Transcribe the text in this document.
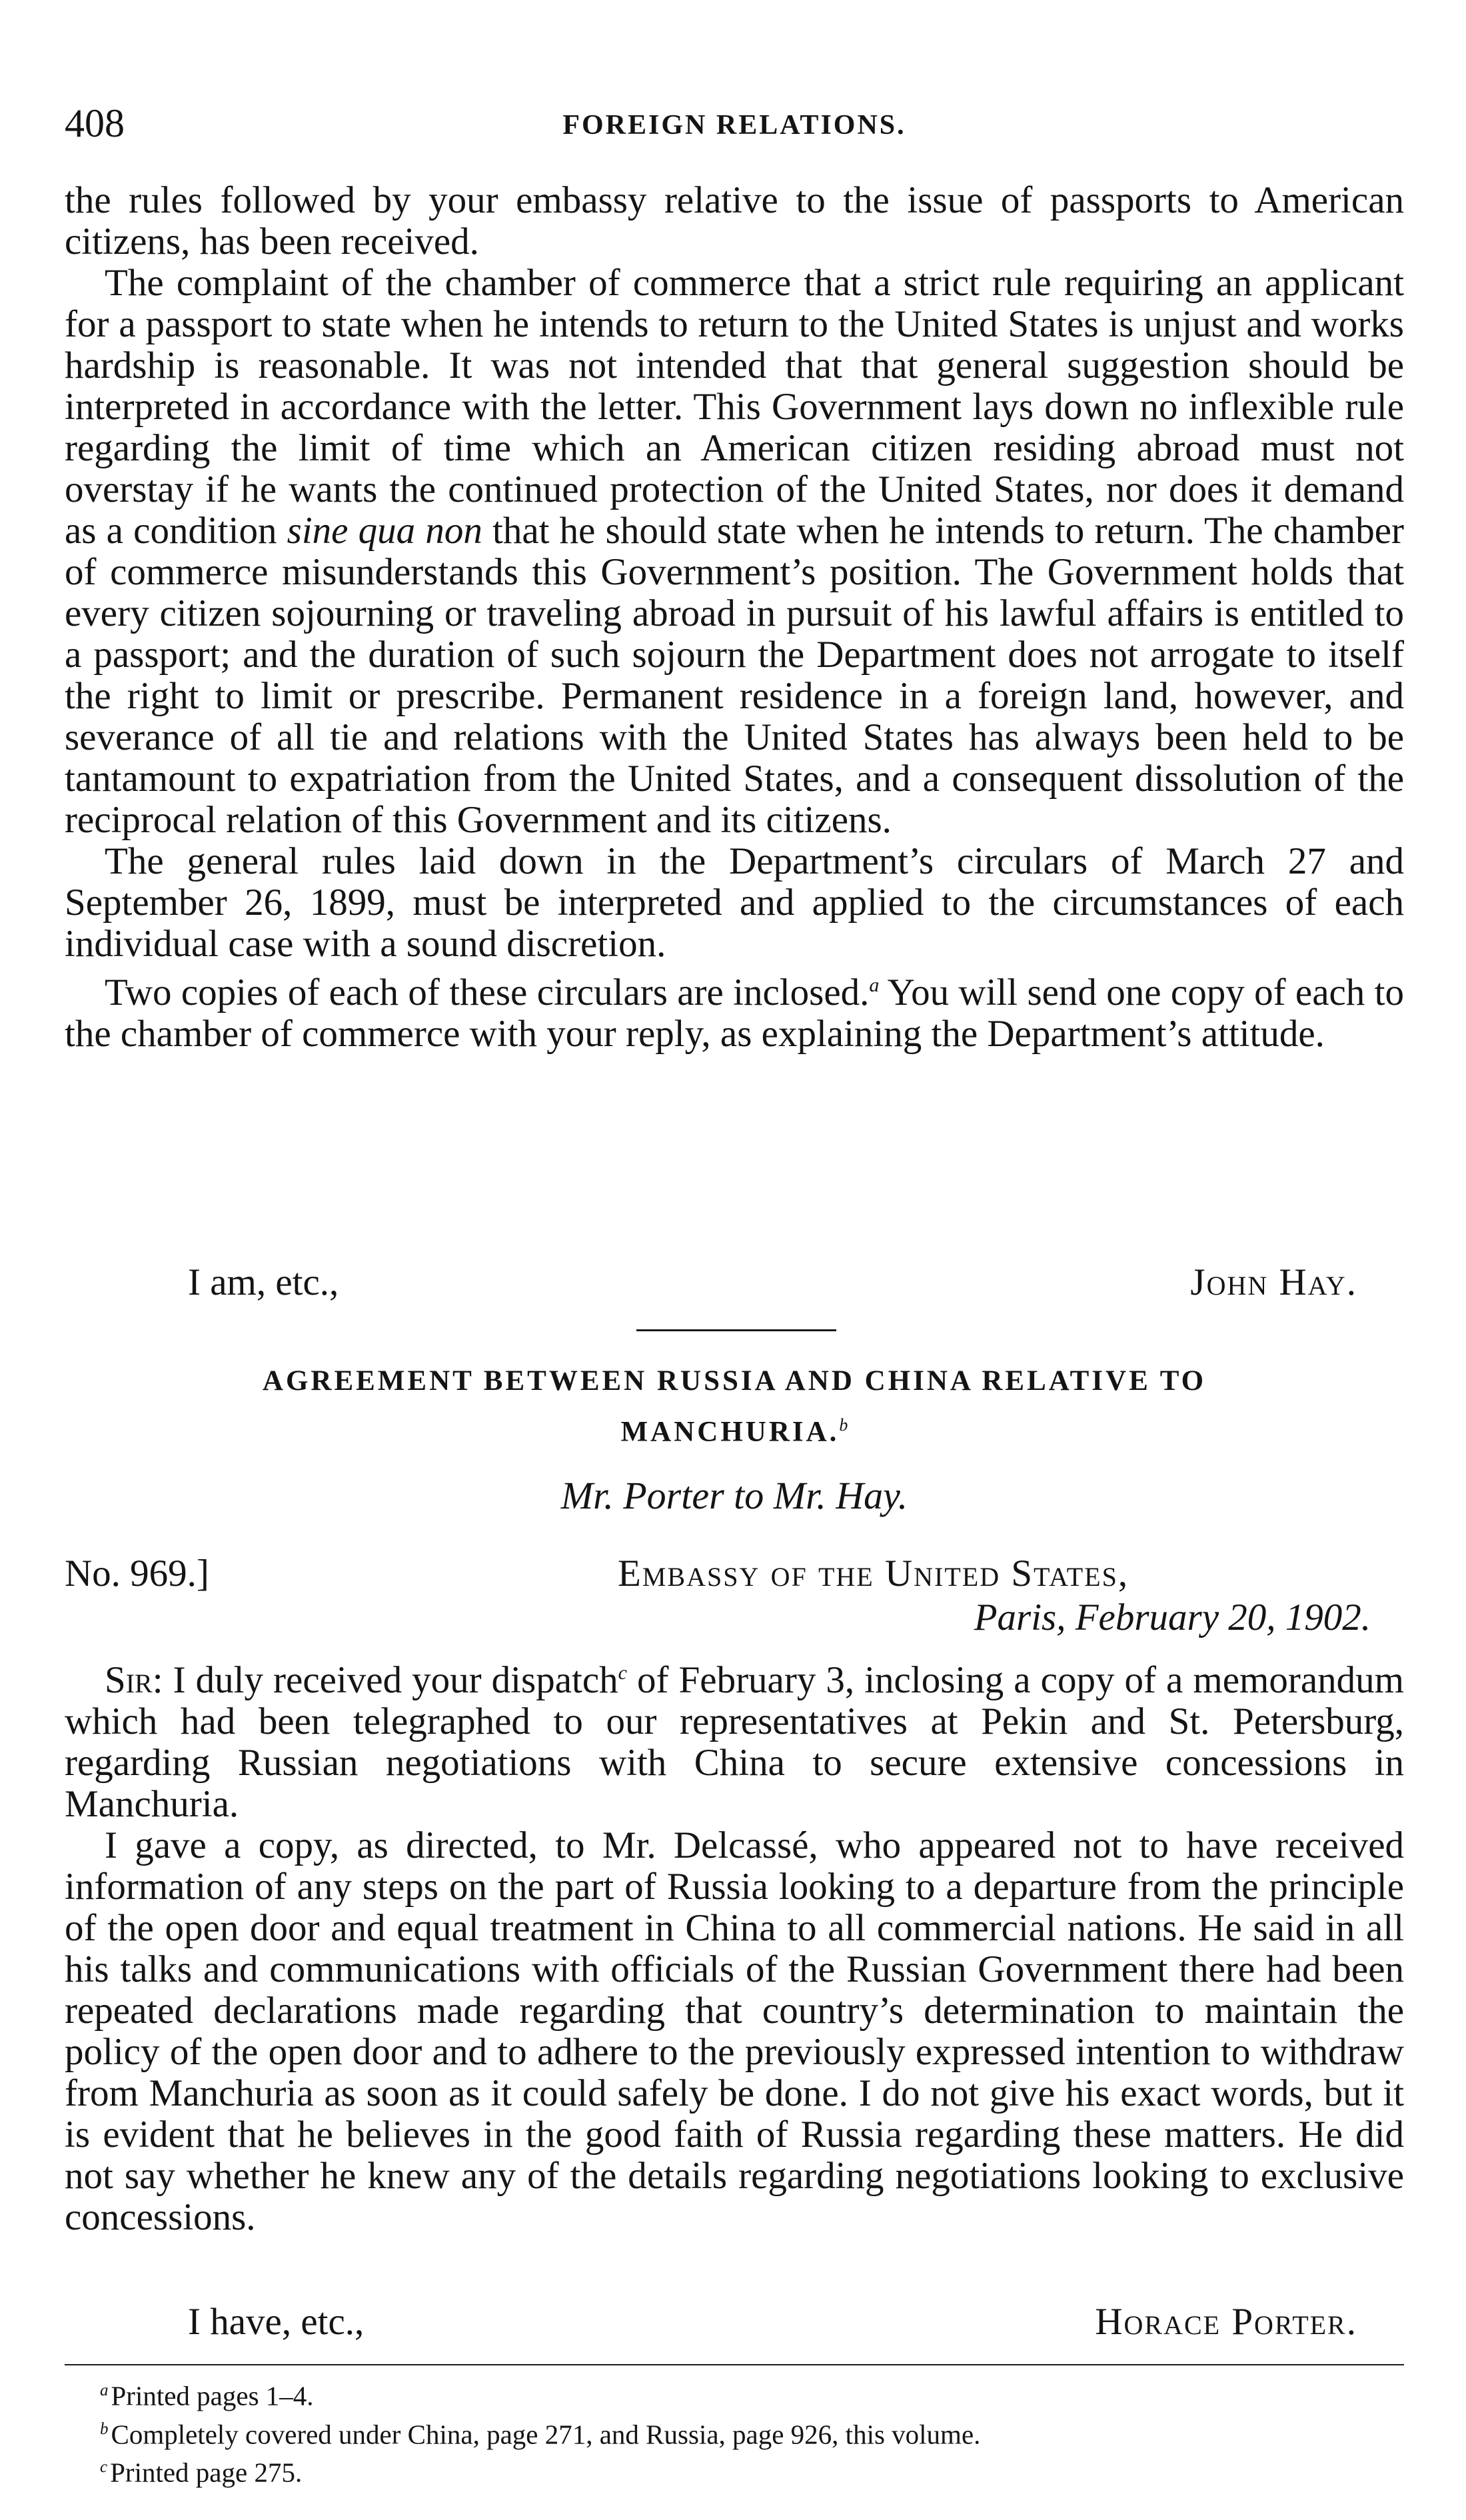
408	FOREIGN RELATIONS.

the rules followed by your embassy relative to the issue of passports to American citizens, has been received.

The complaint of the chamber of commerce that a strict rule requiring an applicant for a passport to state when he intends to return to the United States is unjust and works hardship is reasonable. It was not intended that that general suggestion should be interpreted in accordance with the letter. This Government lays down no inflexible rule regarding the limit of time which an American citizen residing abroad must not overstay if he wants the continued protection of the United States, nor does it demand as a condition sine qua non that he should state when he intends to return. The chamber of commerce misunderstands this Government’s position. The Government holds that every citizen sojourning or traveling abroad in pursuit of his lawful affairs is entitled to a passport; and the duration of such sojourn the Department does not arrogate to itself the right to limit or prescribe. Permanent residence in a foreign land, however, and severance of all tie and relations with the United States has always been held to be tantamount to expatriation from the United States, and a consequent dissolution of the reciprocal relation of this Government and its citizens.

The general rules laid down in the Department’s circulars of March 27 and September 26, 1899, must be interpreted and applied to the circumstances of each individual case with a sound discretion.

Two copies of each of these circulars are inclosed.$^a$ You will send one copy of each to the chamber of commerce with your reply, as explaining the Department’s attitude.

I am, etc.,	John Hay.
AGREEMENT BETWEEN RUSSIA AND CHINA RELATIVE TO
MANCHURIA.$^b$
Mr. Porter to Mr. Hay.
No. 969.]	Embassy of the United States,
Paris, February 20, 1902.

Sir: I duly received your dispatch$^c$ of February 3, inclosing a copy of a memorandum which had been telegraphed to our representatives at Pekin and St. Petersburg, regarding Russian negotiations with China to secure extensive concessions in Manchuria.

I gave a copy, as directed, to Mr. Delcassé, who appeared not to have received information of any steps on the part of Russia looking to a departure from the principle of the open door and equal treatment in China to all commercial nations. He said in all his talks and communications with officials of the Russian Government there had been repeated declarations made regarding that country’s determination to maintain the policy of the open door and to adhere to the previously expressed intention to withdraw from Manchuria as soon as it could safely be done. I do not give his exact words, but it is evident that he believes in the good faith of Russia regarding these matters. He did not say whether he knew any of the details regarding negotiations looking to exclusive concessions.

I have, etc.,	Horace Porter.
$^a$Printed pages 1–4.
$^b$Completely covered under China, page 271, and Russia, page 926, this volume.
$^c$Printed page 275.
